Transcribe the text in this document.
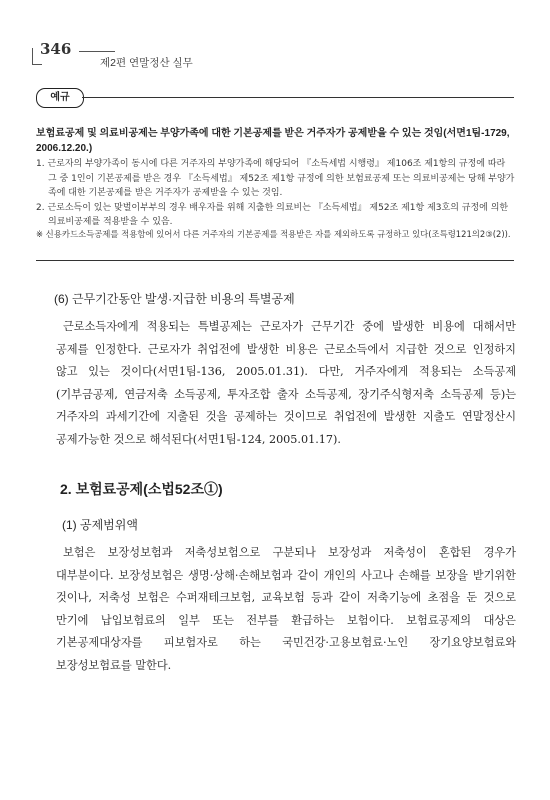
346
제2편 연말정산 실무
예규
보험료공제 및 의료비공제는 부양가족에 대한 기본공제를 받은 거주자가 공제받을 수 있는 것임(서면1팀-1729, 2006.12.20.)

1. 근로자의 부양가족이 동시에 다른 거주자의 부양가족에 해당되어 『소득세법 시행령』 제106조 제1항의 규정에 따라 그 중 1인이 기본공제를 받은 경우 『소득세법』 제52조 제1항 규정에 의한 보험료공제 또는 의료비공제는 당해 부양가족에 대한 기본공제를 받은 거주자가 공제받을 수 있는 것임.

2. 근로소득이 있는 맞벌이부부의 경우 배우자를 위해 지출한 의료비는 『소득세법』 제52조 제1항 제3호의 규정에 의한 의료비공제를 적용받을 수 있음.

※ 신용카드소득공제를 적용함에 있어서 다른 거주자의 기본공제를 적용받은 자를 제외하도록 규정하고 있다(조특령121의2③(2)).
(6) 근무기간동안 발생·지급한 비용의 특별공제
근로소득자에게 적용되는 특별공제는 근로자가 근무기간 중에 발생한 비용에 대해서만 공제를 인정한다. 근로자가 취업전에 발생한 비용은 근로소득에서 지급한 것으로 인정하지 않고 있는 것이다(서면1팀-136, 2005.01.31). 다만, 거주자에게 적용되는 소득공제(기부금공제, 연금저축 소득공제, 투자조합 출자 소득공제, 장기주식형저축 소득공제 등)는 거주자의 과세기간에 지출된 것을 공제하는 것이므로 취업전에 발생한 지출도 연말정산시 공제가능한 것으로 해석된다(서면1팀-124, 2005.01.17).
2. 보험료공제(소법52조①)
(1) 공제범위액
보험은 보장성보험과 저축성보험으로 구분되나 보장성과 저축성이 혼합된 경우가 대부분이다. 보장성보험은 생명·상해·손해보험과 같이 개인의 사고나 손해를 보장을 받기위한 것이나, 저축성 보험은 수퍼재테크보험, 교육보험 등과 같이 저축기능에 초점을 둔 것으로 만기에 납입보험료의 일부 또는 전부를 환급하는 보험이다. 보험료공제의 대상은 기본공제대상자를 피보험자로 하는 국민건강·고용보험료·노인 장기요양보험료와 보장성보험료를 말한다.
